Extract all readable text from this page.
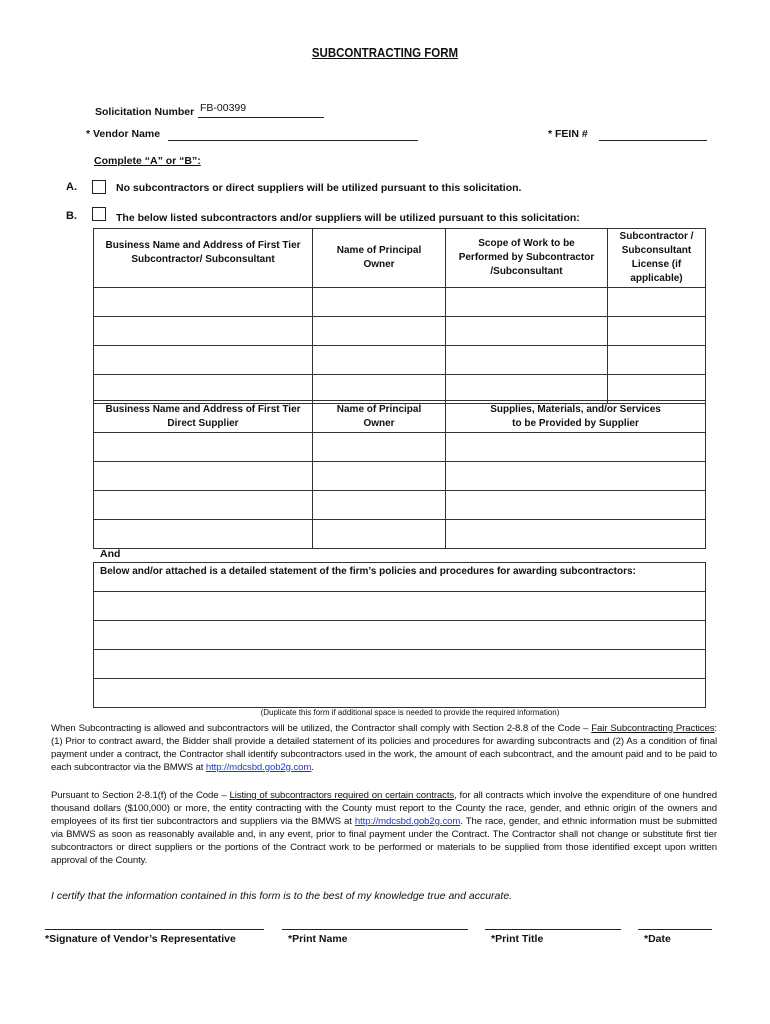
SUBCONTRACTING FORM
Solicitation Number FB-00399
* Vendor Name	* FEIN #
Complete “A” or “B”:
A.	No subcontractors or direct suppliers will be utilized pursuant to this solicitation.
B.	The below listed subcontractors and/or suppliers will be utilized pursuant to this solicitation:
Business Name and Address of First Tier Subcontractor/ Subconsultant	Name of Principal Owner	Scope of Work to be Performed by Subcontractor /Subconsultant	Subcontractor / Subconsultant License (if applicable)

Business Name and Address of First Tier Direct Supplier	Name of Principal Owner	Supplies, Materials, and/or Services to be Provided by Supplier

And
Below and/or attached is a detailed statement of the firm’s policies and procedures for awarding subcontractors:

(Duplicate this form if additional space is needed to provide the required information)
When Subcontracting is allowed and subcontractors will be utilized, the Contractor shall comply with Section 2-8.8 of the Code – Fair Subcontracting Practices: (1) Prior to contract award, the Bidder shall provide a detailed statement of its policies and procedures for awarding subcontracts and (2) As a condition of final payment under a contract, the Contractor shall identify subcontractors used in the work, the amount of each subcontract, and the amount paid and to be paid to each subcontractor via the BMWS at http://mdcsbd.gob2g.com.
Pursuant to Section 2-8.1(f) of the Code – Listing of subcontractors required on certain contracts, for all contracts which involve the expenditure of one hundred thousand dollars ($100,000) or more, the entity contracting with the County must report to the County the race, gender, and ethnic origin of the owners and employees of its first tier subcontractors and suppliers via the BMWS at http://mdcsbd.gob2g.com. The race, gender, and ethnic information must be submitted via BMWS as soon as reasonably available and, in any event, prior to final payment under the Contract. The Contractor shall not change or substitute first tier subcontractors or direct suppliers or the portions of the Contract work to be performed or materials to be supplied from those identified except upon written approval of the County.
I certify that the information contained in this form is to the best of my knowledge true and accurate.
*Signature of Vendor’s Representative	*Print Name	*Print Title	*Date
